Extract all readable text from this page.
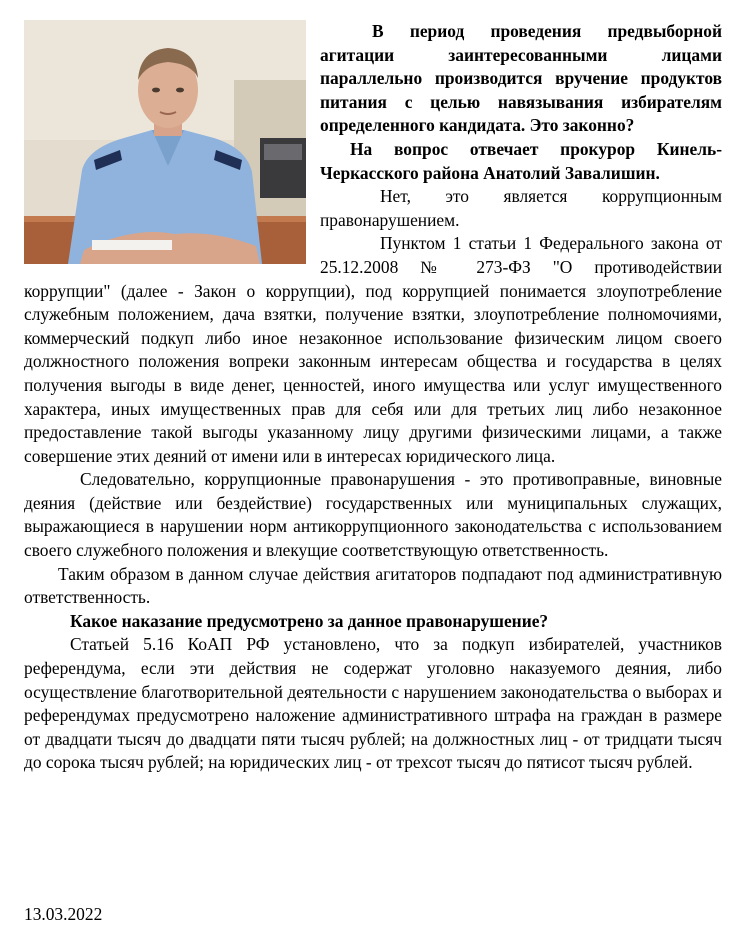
В период проведения предвыборной агитации заинтересованными лицами параллельно производится вручение продуктов питания с целью навязывания избирателям определенного кандидата. Это законно?

На вопрос отвечает прокурор Кинель-Черкасского района Анатолий Завалишин.

Нет, это является коррупционным правонарушением.

Пунктом 1 статьи 1 Федерального закона от 25.12.2008 № 273-ФЗ "О противодействии коррупции" (далее - Закон о коррупции), под коррупцией понимается злоупотребление служебным положением, дача взятки, получение взятки, злоупотребление полномочиями, коммерческий подкуп либо иное незаконное использование физическим лицом своего должностного положения вопреки законным интересам общества и государства в целях получения выгоды в виде денег, ценностей, иного имущества или услуг имущественного характера, иных имущественных прав для себя или для третьих лиц либо незаконное предоставление такой выгоды указанному лицу другими физическими лицами, а также совершение этих деяний от имени или в интересах юридического лица.

Следовательно, коррупционные правонарушения - это противоправные, виновные деяния (действие или бездействие) государственных или муниципальных служащих, выражающиеся в нарушении норм антикоррупционного законодательства с использованием своего служебного положения и влекущие соответствующую ответственность.

Таким образом в данном случае действия агитаторов подпадают под административную ответственность.

Какое наказание предусмотрено за данное правонарушение?

Статьей 5.16 КоАП РФ установлено, что за подкуп избирателей, участников референдума, если эти действия не содержат уголовно наказуемого деяния, либо осуществление благотворительной деятельности с нарушением законодательства о выборах и референдумах предусмотрено наложение административного штрафа на граждан в размере от двадцати тысяч до двадцати пяти тысяч рублей; на должностных лиц - от тридцати тысяч до сорока тысяч рублей; на юридических лиц - от трехсот тысяч до пятисот тысяч рублей.

13.03.2022
